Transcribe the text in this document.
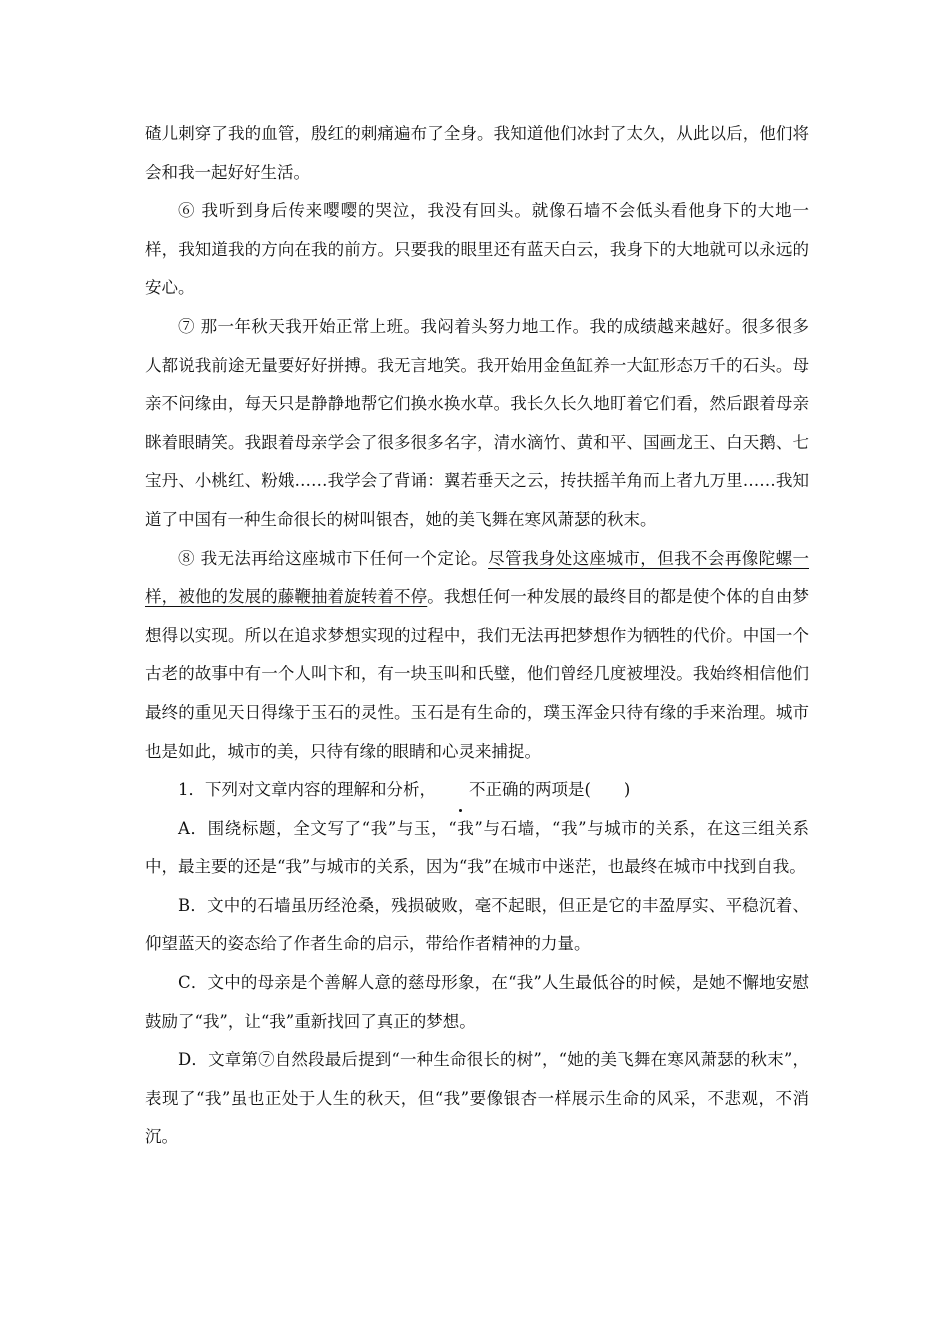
碴儿刺穿了我的血管，殷红的刺痛遍布了全身。我知道他们冰封了太久，从此以后，他们将会和我一起好好生活。

⑥ 我听到身后传来嘤嘤的哭泣，我没有回头。就像石墙不会低头看他身下的大地一样，我知道我的方向在我的前方。只要我的眼里还有蓝天白云，我身下的大地就可以永远的安心。

⑦ 那一年秋天我开始正常上班。我闷着头努力地工作。我的成绩越来越好。很多很多人都说我前途无量要好好拼搏。我无言地笑。我开始用金鱼缸养一大缸形态万千的石头。母亲不问缘由，每天只是静静地帮它们换水换水草。我长久长久地盯着它们看，然后跟着母亲眯着眼睛笑。我跟着母亲学会了很多很多名字，清水滴竹、黄和平、国画龙王、白天鹅、七宝丹、小桃红、粉娥……我学会了背诵：翼若垂天之云，抟扶摇羊角而上者九万里……我知道了中国有一种生命很长的树叫银杏，她的美飞舞在寒风萧瑟的秋末。

⑧ 我无法再给这座城市下任何一个定论。尽管我身处这座城市，但我不会再像陀螺一样，被他的发展的藤鞭抽着旋转着不停。我想任何一种发展的最终目的都是使个体的自由梦想得以实现。所以在追求梦想实现的过程中，我们无法再把梦想作为牺牲的代价。中国一个古老的故事中有一个人叫卞和，有一块玉叫和氏璧，他们曾经几度被埋没。我始终相信他们最终的重见天日得缘于玉石的灵性。玉石是有生命的，璞玉浑金只待有缘的手来治理。城市也是如此，城市的美，只待有缘的眼睛和心灵来捕捉。

1．下列对文章内容的理解和分析， 不正确的两项是(　　)

A．围绕标题，全文写了“我”与玉，“我”与石墙，“我”与城市的关系，在这三组关系中，最主要的还是“我”与城市的关系，因为“我”在城市中迷茫，也最终在城市中找到自我。

B．文中的石墙虽历经沧桑，残损破败，毫不起眼，但正是它的丰盈厚实、平稳沉着、仰望蓝天的姿态给了作者生命的启示，带给作者精神的力量。

C．文中的母亲是个善解人意的慈母形象，在“我”人生最低谷的时候，是她不懈地安慰鼓励了“我”，让“我”重新找回了真正的梦想。

D．文章第⑦自然段最后提到“一种生命很长的树”，“她的美飞舞在寒风萧瑟的秋末”，表现了“我”虽也正处于人生的秋天，但“我”要像银杏一样展示生命的风采，不悲观，不消沉。
